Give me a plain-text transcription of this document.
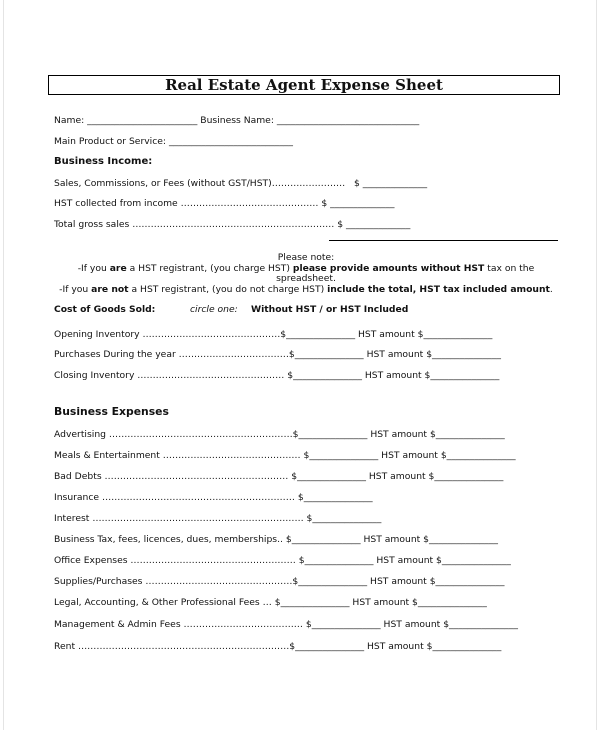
Real Estate Agent Expense Sheet
Name: ________________________ Business Name: _______________________________
Main Product or Service: ___________________________
Business Income:
Sales, Commissions, or Fees (without GST/HST)……………………   $ ______________
HST collected from income ……………………………………… $ ______________
Total gross sales ………………………………………………………… $ ______________
Please note:
-If you are a HST registrant, (you charge HST) please provide amounts without HST tax on the
spreadsheet.
-If you are not a HST registrant, (you do not charge HST) include the total, HST tax included amount.
Cost of Goods Sold:	circle one: Without HST / or HST Included
Opening Inventory ………………………………………$_______________ HST amount $_______________
Purchases During the year ………………………………$_______________ HST amount $_______________
Closing Inventory ………………………………………… $_______________ HST amount $_______________
Business Expenses
Advertising ……………………………………………………$_______________ HST amount $_______________
Meals & Entertainment ……………………………………… $_______________ HST amount $_______________
Bad Debts …………………………………………………… $_______________ HST amount $_______________
Insurance ……………………………………………………… $_______________
Interest …………………………………………………………… $_______________
Business Tax, fees, licences, dues, memberships.. $_______________ HST amount $_______________
Office Expenses ……………………………………………… $_______________ HST amount $_______________
Supplies/Purchases …………………………………………$_______________ HST amount $_______________
Legal, Accounting, & Other Professional Fees … $_______________ HST amount $_______________
Management & Admin Fees ………………………………… $_______________ HST amount $_______________
Rent ……………………………………………………………$_______________ HST amount $_______________
